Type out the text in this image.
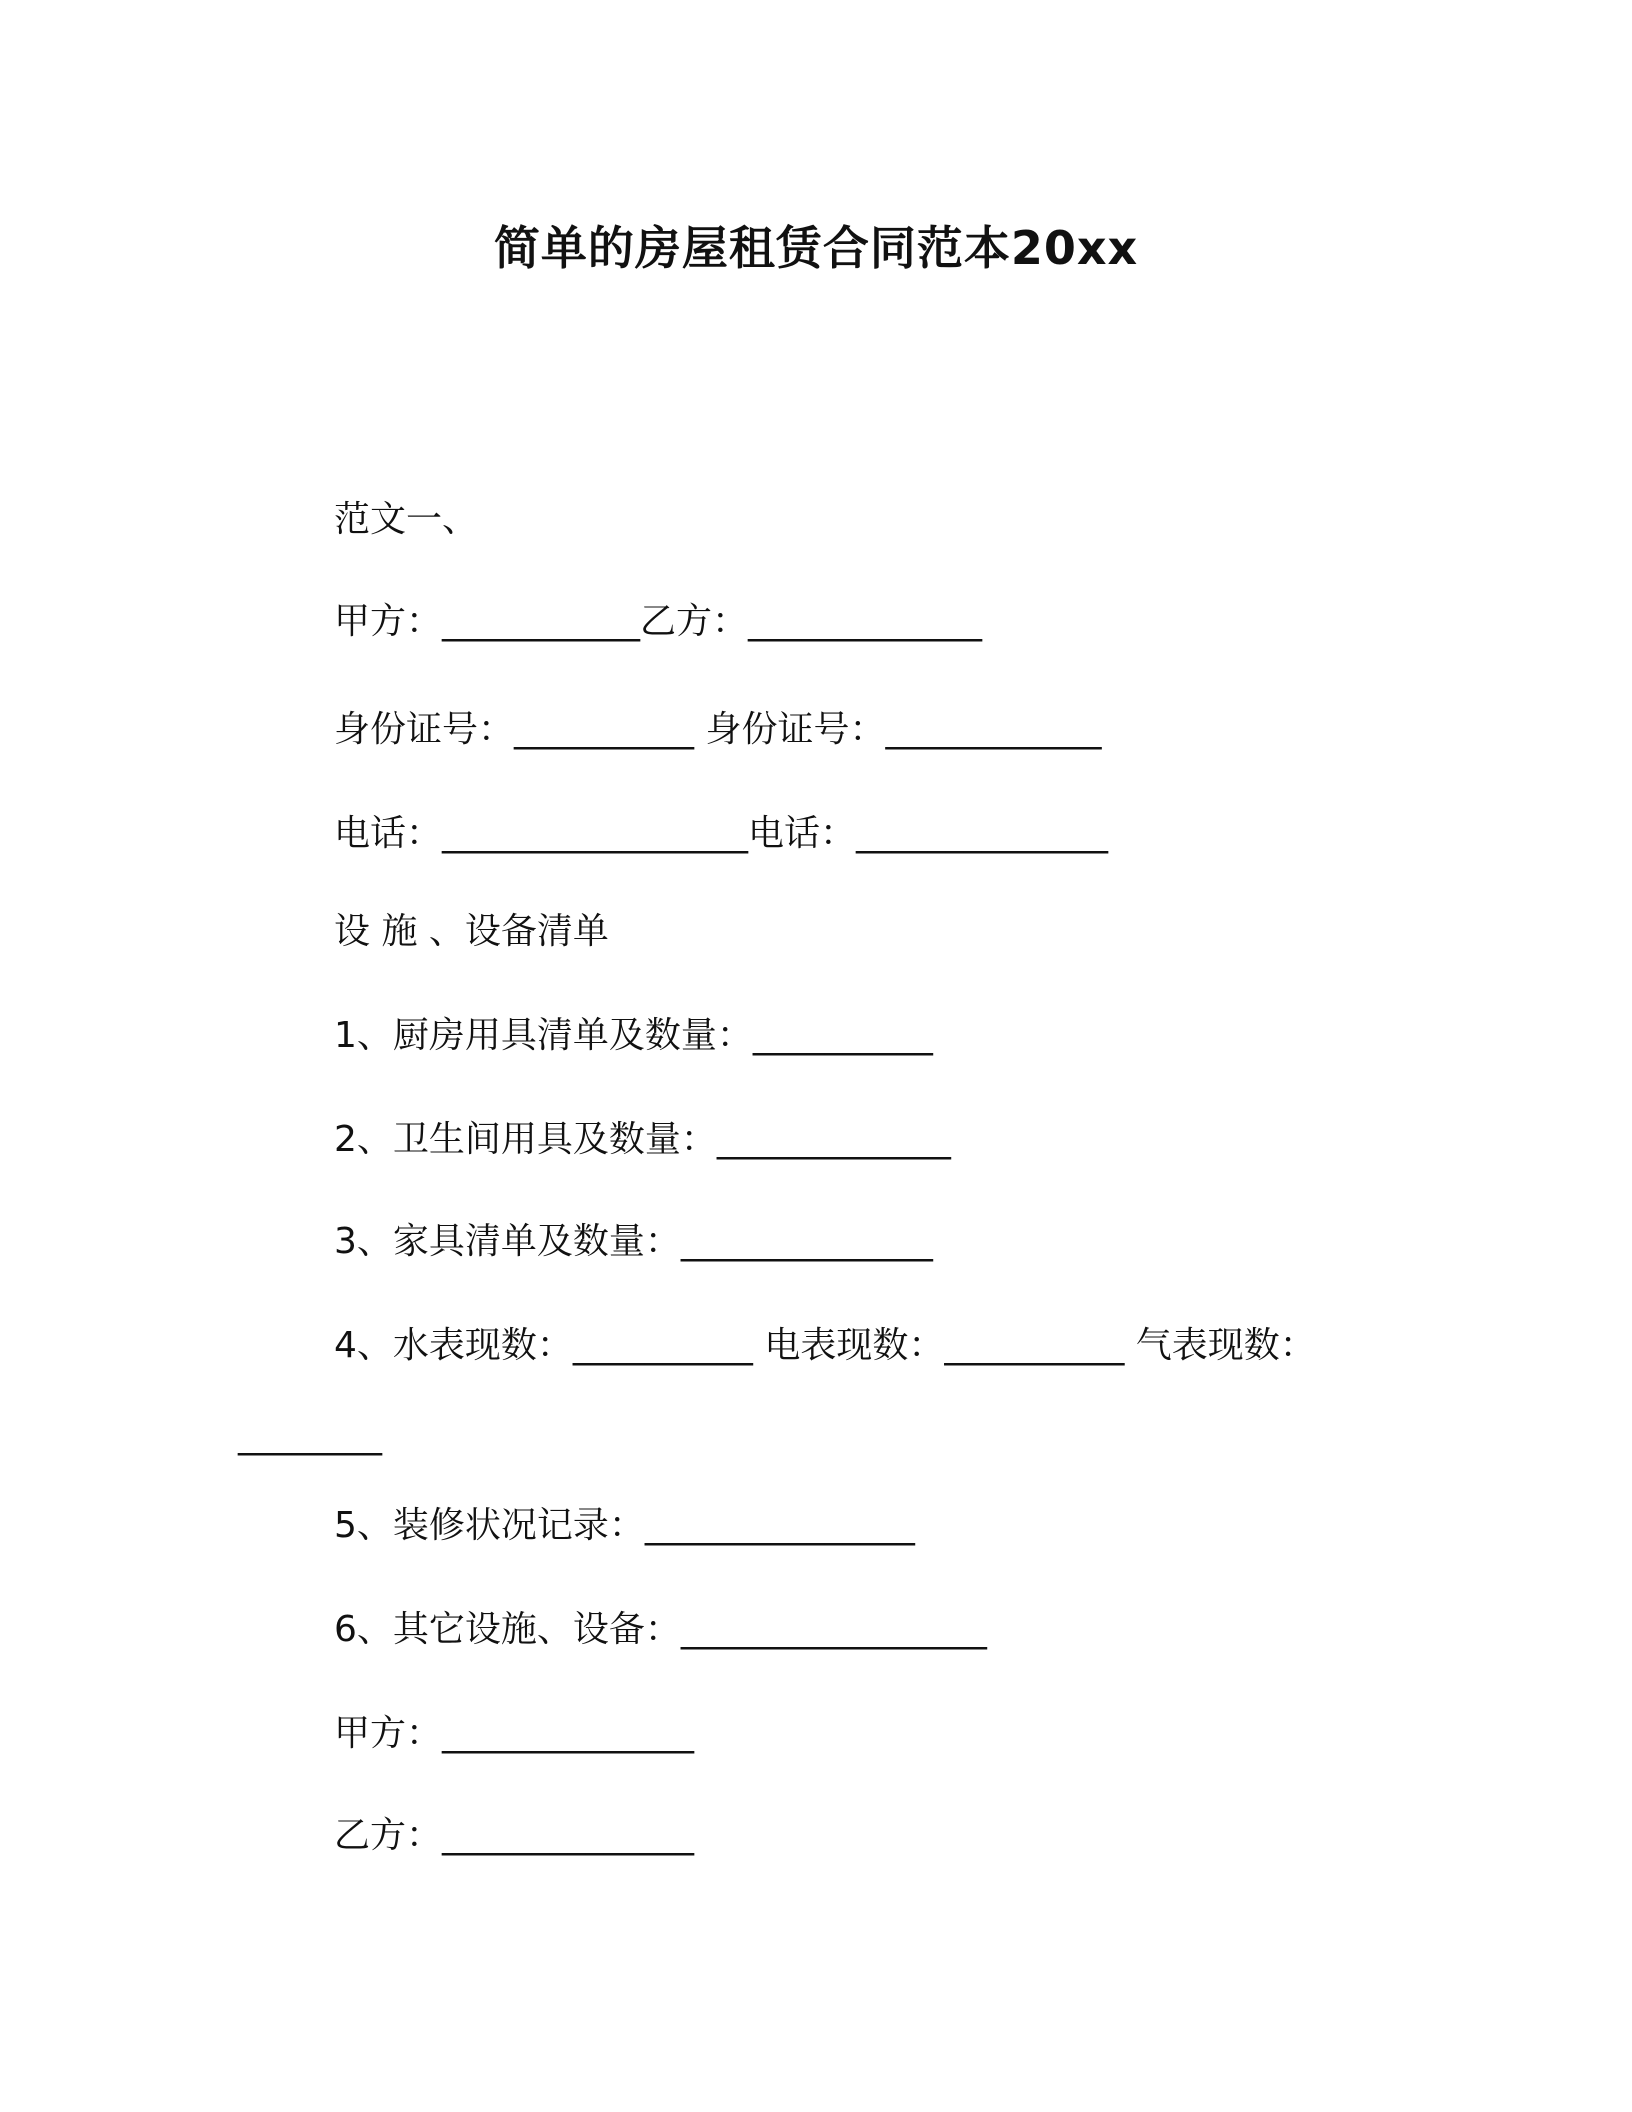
简单的房屋租赁合同范本20xx
范文一、
甲方：___________乙方：_____________
身份证号：__________ 身份证号：____________
电话：_________________电话：______________
设 施 、设备清单
1、厨房用具清单及数量：__________
2、卫生间用具及数量：_____________
3、家具清单及数量：______________
4、水表现数：__________ 电表现数：__________ 气表现数：
________
5、装修状况记录：_______________
6、其它设施、设备：_________________
甲方：______________
乙方：______________
